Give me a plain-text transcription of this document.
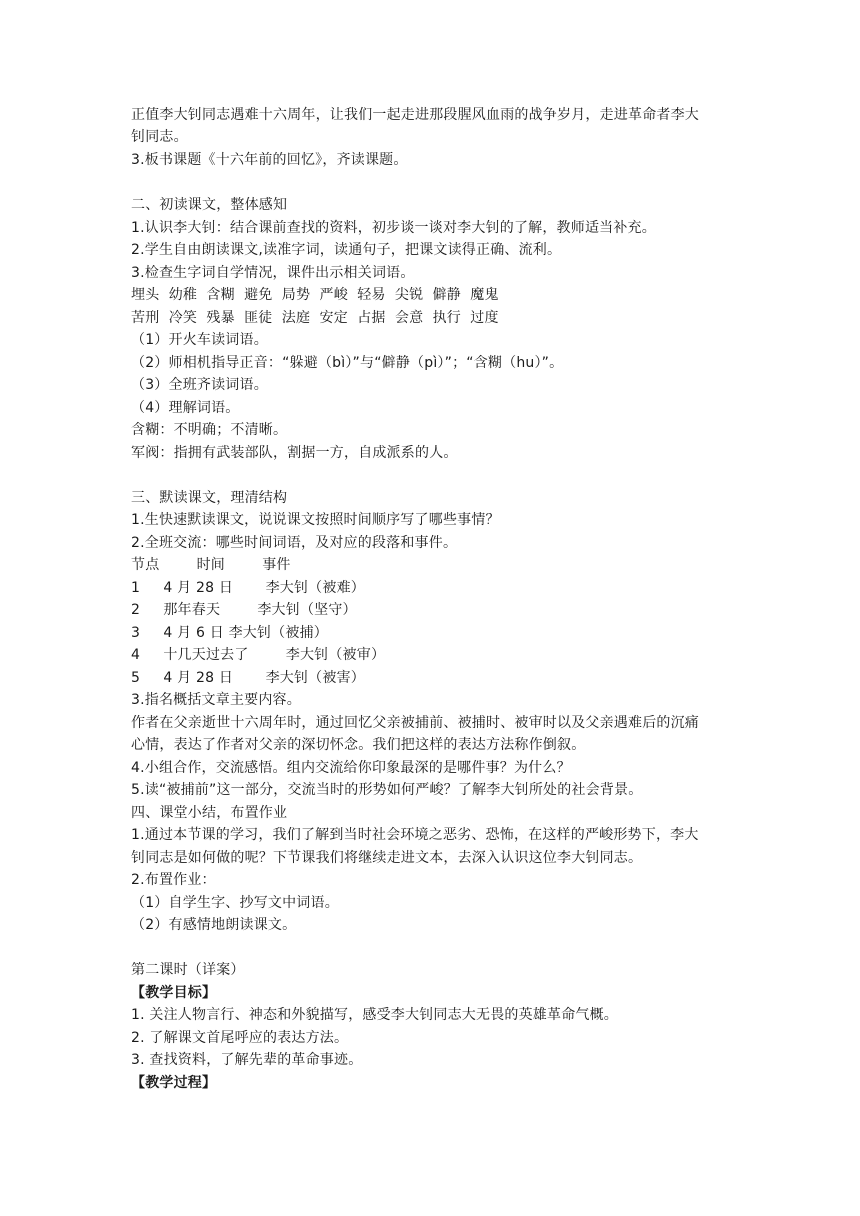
正值李大钊同志遇难十六周年，让我们一起走进那段腥风血雨的战争岁月，走进革命者李大
钊同志。
3.板书课题《十六年前的回忆》，齐读课题。
二、初读课文，整体感知
1.认识李大钊：结合课前查找的资料，初步谈一谈对李大钊的了解，教师适当补充。
2.学生自由朗读课文,读准字词，读通句子，把课文读得正确、流利。
3.检查生字词自学情况，课件出示相关词语。
埋头  幼稚  含糊  避免  局势  严峻  轻易  尖锐  僻静  魔鬼
苦刑  冷笑  残暴  匪徒  法庭  安定  占据  会意  执行  过度
（1）开火车读词语。
（2）师相机指导正音：“躲避（bì）”与“僻静（pì）”；“含糊（hu）”。
（3）全班齐读词语。
（4）理解词语。
含糊：不明确；不清晰。
军阀：指拥有武装部队，割据一方，自成派系的人。
三、默读课文，理清结构
1.生快速默读课文，说说课文按照时间顺序写了哪些事情？
2.全班交流：哪些时间词语，及对应的段落和事件。
节点        时间        事件
1     4 月 28 日       李大钊（被难）
2     那年春天        李大钊（坚守）
3     4 月 6 日 李大钊（被捕）
4     十几天过去了        李大钊（被审）
5     4 月 28 日       李大钊（被害）
3.指名概括文章主要内容。
作者在父亲逝世十六周年时，通过回忆父亲被捕前、被捕时、被审时以及父亲遇难后的沉痛
心情，表达了作者对父亲的深切怀念。我们把这样的表达方法称作倒叙。
4.小组合作，交流感悟。组内交流给你印象最深的是哪件事？为什么？
5.读“被捕前”这一部分，交流当时的形势如何严峻？了解李大钊所处的社会背景。
四、课堂小结，布置作业
1.通过本节课的学习，我们了解到当时社会环境之恶劣、恐怖，在这样的严峻形势下，李大
钊同志是如何做的呢？下节课我们将继续走进文本，去深入认识这位李大钊同志。
2.布置作业：
（1）自学生字、抄写文中词语。
（2）有感情地朗读课文。
第二课时（详案）
【教学目标】
1. 关注人物言行、神态和外貌描写，感受李大钊同志大无畏的英雄革命气概。
2. 了解课文首尾呼应的表达方法。
3. 查找资料，了解先辈的革命事迹。
【教学过程】
